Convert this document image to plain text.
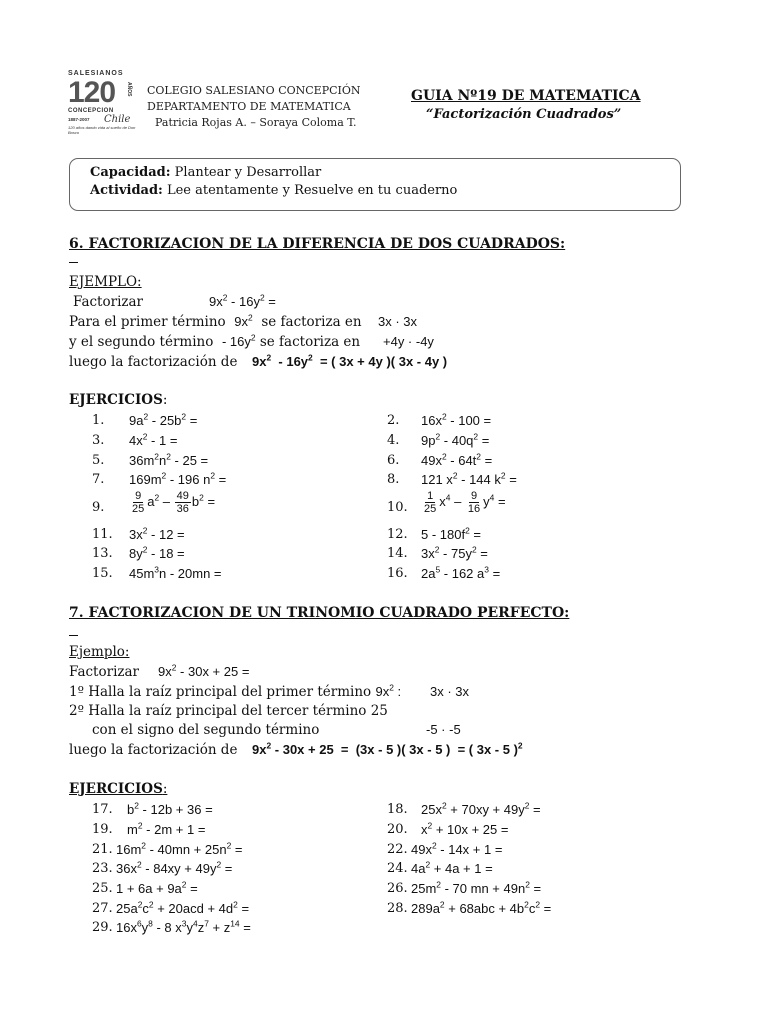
SALESIANOS
120 AÑOS
CONCEPCION
Chile
1887-2007
120 años dando vida al sueño de Don Bosco
COLEGIO SALESIANO CONCEPCIÓN
DEPARTAMENTO DE MATEMATICA
Patricia Rojas A. – Soraya Coloma T.
GUIA Nº19 DE MATEMATICA
“Factorización Cuadrados”
Capacidad: Plantear y Desarrollar
Actividad: Lee atentamente y Resuelve en tu cuaderno
6. FACTORIZACION DE LA DIFERENCIA DE DOS CUADRADOS:
EJEMPLO:
Factorizar	$9x^2 - 16y^2$ =
Para el primer término $9x^2$ se factoriza en 3x · 3x
y el segundo término - $16y^2$ se factoriza en +4y · -4y
luego la factorización de $9x^2 - 16y^2$  = ( 3x + 4y )( 3x - 4y )
EJERCICIOS:
1. $9a^2 - 25b^2$ =
3. $4x^2 - 1$ =
5. $36m^2n^2 - 25$ =
7. $169m^2 - 196$ $n^2$ =
9. $\frac{9}{25} a^2 - \frac{49}{36} b^2$ =
11. $3x^2 - 12$ =
13. $8y^2 - 18$ =
15. $45m^3n - 20mn$ =
2. $16x^2 - 100$ =
4. $9p^2 - 40q^2$ =
6. $49x^2 - 64t^2$ =
8. 121 $x^2 - 144$ $k^2$ =
10. $\frac{1}{25} x^4 - \frac{9}{16} y^4$ =
12. $5 - 180f^2$ =
14. $3x^2 - 75y^2$ =
16. $2a^5 - 162$ $a^3$ =
7. FACTORIZACION DE UN TRINOMIO CUADRADO PERFECTO:
Ejemplo:
Factorizar $9x^2 - 30x + 25$ =
1º Halla la raíz principal del primer término $9x^2$ : 3x · 3x
2º Halla la raíz principal del tercer término 25
con el signo del segundo término	-5 · -5
luego la factorización de $9x^2 - 30x + 25 = (3x - 5$ )( 3x - 5 )  = ( 3x - 5 )$^2$
EJERCICIOS:
17. $b^2 - 12b + 36$ =
19. $m^2 - 2m + 1$ =
21. $16m^2 - 40mn + 25n^2$ =
23. $36x^2 - 84xy + 49y^2$ =
25. $1 + 6a + 9a^2$ =
27. $25a^2c^2 + 20acd + 4d^2$ =
29. $16x^6y^8 - 8$ $x^3y^4z^7 + z^{14}$ =
18. $25x^2 + 70xy + 49y^2$ =
20. $x^2 + 10x + 25$ =
22. $49x^2 - 14x + 1$ =
24. $4a^2 + 4a + 1$ =
26. $25m^2 - 70$ mn + $49n^2$ =
28. $289a^2 + 68abc + 4b^2c^2$ =
